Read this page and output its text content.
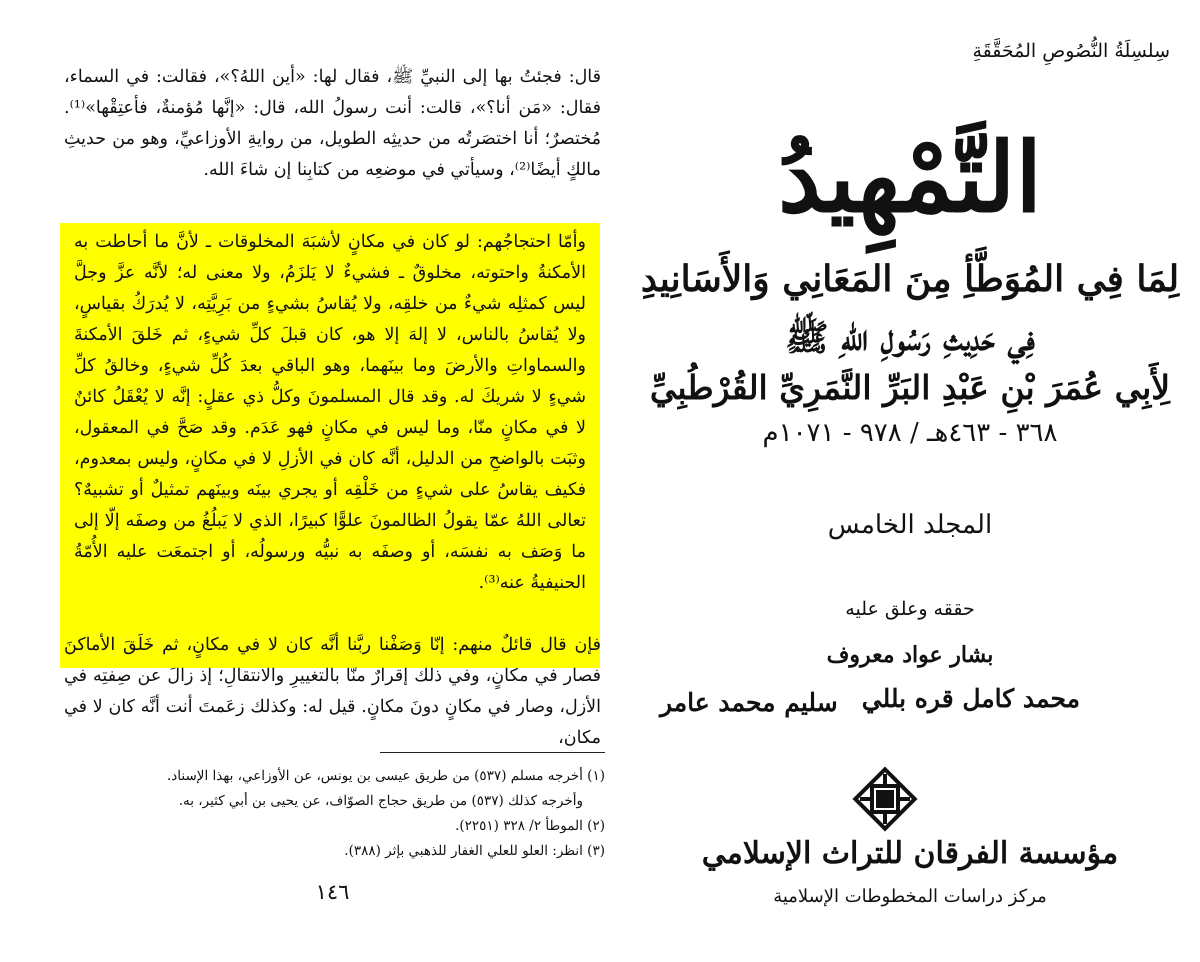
قال: فجئتُ بها إلى النبيِّ ﷺ، فقال لها: «أين اللهُ؟»، فقالت: في السماء، فقال: «مَن أنا؟»، قالت: أنت رسولُ الله، قال: «إنَّها مُؤمنةٌ، فأعتِقْها»⁽¹⁾. مُختصرٌ؛ أنا اختصَرتُه من حديثِه الطويل، من روايةِ الأوزاعيِّ، وهو من حديثِ مالكٍ أيضًا⁽²⁾، وسيأتي في موضعِه من كتابِنا إن شاءَ الله.

وأمّا احتجاجُهم: لو كان في مكانٍ لأشبَهَ المخلوقات ـ لأنَّ ما أحاطت به الأمكنةُ واحتوته، مخلوقٌ ـ فشيءٌ لا يَلزَمُ، ولا معنى له؛ لأنَّه عزَّ وجلَّ ليس كمثلِه شيءٌ من خلقِه، ولا يُقاسُ بشيءٍ من بَرِيَّتِه، لا يُدرَكُ بقياسٍ، ولا يُقاسُ بالناس، لا إلهَ إلا هو، كان قبلَ كلِّ شيءٍ، ثم خَلقَ الأمكنةَ والسماواتِ والأرضَ وما بينَهما، وهو الباقي بعدَ كُلِّ شيءٍ، وخالقُ كلِّ شيءٍ لا شريكَ له. وقد قال المسلمونَ وكلُّ ذي عقلٍ: إنَّه لا يُعْقَلُ كائنٌ لا في مكانٍ منّا، وما ليس في مكانٍ فهو عَدَم. وقد صَحَّ في المعقول، وثبَت بالواضحِ من الدليل، أنَّه كان في الأزلِ لا في مكانٍ، وليس بمعدوم، فكيف يقاسُ على شيءٍ من خَلْقِه أو يجري بينَه وبينَهم تمثيلٌ أو تشبيهٌ؟ تعالى اللهُ عمّا يقولُ الظالمونَ علوًّا كبيرًا، الذي لا يَبلُغُ من وصفَه إلّا إلى ما وَصَف به نفسَه، أو وصفَه به نبيُّه ورسولُه، أو اجتمعَت عليه الأُمّةُ الحنيفيةُ عنه⁽³⁾.

فإن قال قائلٌ منهم: إنّا وَصَفْنا ربَّنا أنَّه كان لا في مكانٍ، ثم خَلَقَ الأماكنَ فصار في مكانٍ، وفي ذلك إقرارٌ منّا بالتغييرِ والانتقالِ؛ إذ زالَ عن صِفتِه في الأزل، وصار في مكانٍ دونَ مكانٍ. قيل له: وكذلك زعَمتَ أنت أنَّه كان لا في مكان،

(١) أخرجه مسلم (٥٣٧) من طريق عيسى بن يونس، عن الأوزاعي، بهذا الإسناد.

وأخرجه كذلك (٥٣٧) من طريق حجاج الصوّاف، عن يحيى بن أبي كثير، به.

(٢) الموطأ ٢/ ٣٢٨ (٢٢٥١).

(٣) انظر: العلو للعلي الغفار للذهبي بإثر (٣٨٨).

١٤٦
سِلسِلَةُ النُّصُوصِ المُحَقَّقَةِ
التَّمْهِيدُ
لِمَا فِي المُوَطَّأِ مِنَ المَعَانِي وَالأَسَانِيدِ
فِي حَدِيثِ رَسُولِ اللهِ ﷺ
لِأَبِي عُمَرَ بْنِ عَبْدِ البَرِّ النَّمَرِيِّ القُرْطُبِيِّ
٣٦٨ - ٤٦٣هـ / ٩٧٨ - ١٠٧١م
المجلد الخامس
حققه وعلق عليه
بشار عواد معروف
محمد كامل قره بللي
سليم محمد عامر
مؤسسة الفرقان للتراث الإسلامي
مركز دراسات المخطوطات الإسلامية
